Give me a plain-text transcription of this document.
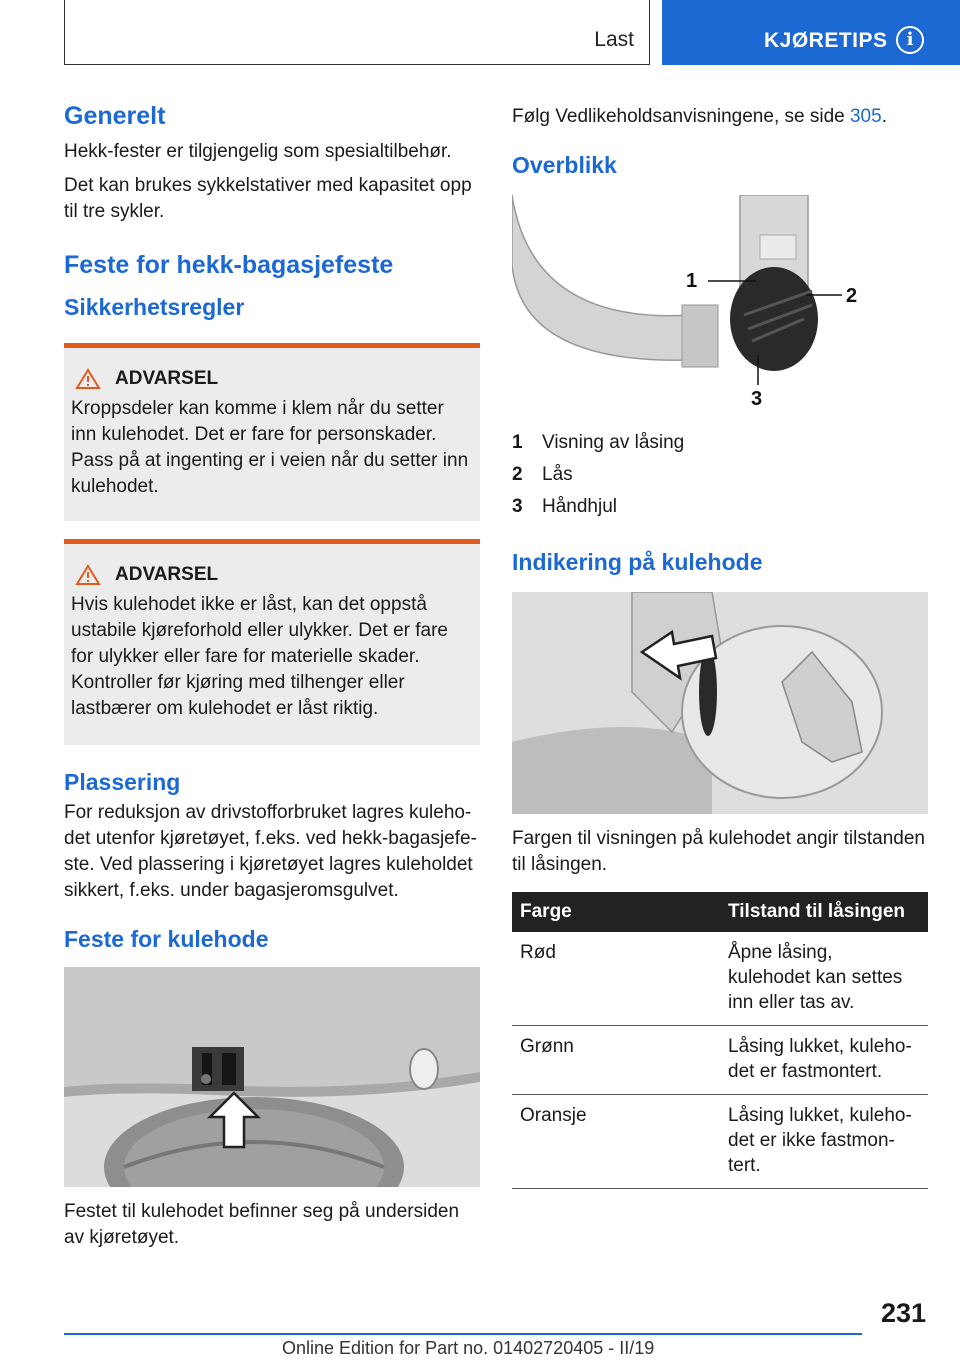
Last	KJØRETIPS	i
Generelt

Hekk-fester er tilgjengelig som spesialtilbehør.

Det kan brukes sykkelstativer med kapasitet opp til tre sykler.

Feste for hekk-bagasjefeste
Sikkerhetsregler
ADVARSEL

Kroppsdeler kan komme i klem når du setter inn kulehodet. Det er fare for personskader. Pass på at ingenting er i veien når du setter inn kulehodet.

ADVARSEL

Hvis kulehodet ikke er låst, kan det oppstå ustabile kjøreforhold eller ulykker. Det er fare for ulykker eller fare for materielle skader. Kontroller før kjøring med tilhenger eller lastbærer om kulehodet er låst riktig.

Plassering

For reduksjon av drivstofforbruket lagres kulehodet utenfor kjøretøyet, f.eks. ved hekk-bagasjefeste. Ved plassering i kjøretøyet lagres kuleholdet sikkert, f.eks. under bagasjeromsgulvet.

Feste for kulehode

Festet til kulehodet befinner seg på undersiden av kjøretøyet.

Følg Vedlikeholdsanvisningene, se side 305.

Overblikk
1
2
3
1	Visning av låsing
2	Lås
3	Håndhjul
Indikering på kulehode

Fargen til visningen på kulehodet angir tilstanden til låsingen.

Farge	Tilstand til låsingen
Rød	Åpne låsing, kulehodet kan settes inn eller tas av.
Grønn	Låsing lukket, kulehodet er fastmontert.
Oransje	Låsing lukket, kulehodet er ikke fastmontert.
231
Online Edition for Part no. 01402720405 - II/19
